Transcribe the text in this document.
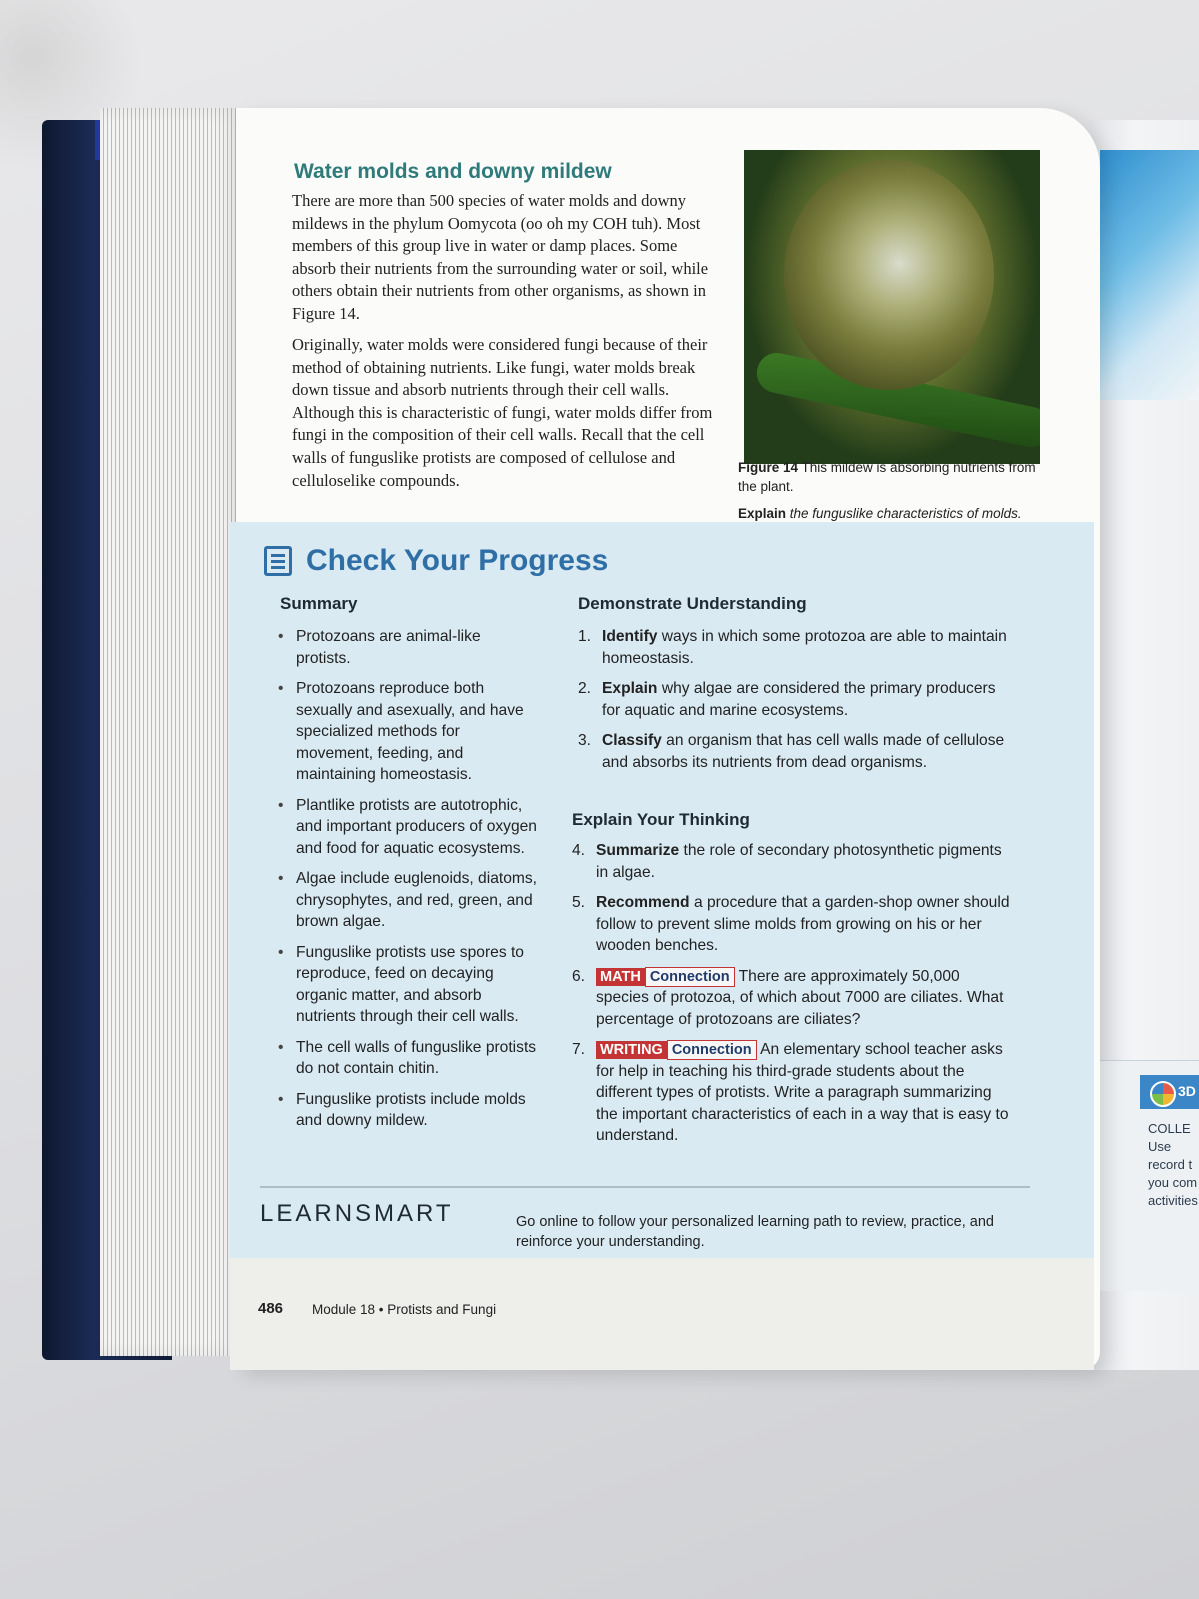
3D
COLLE
Use
record t
you com
activities
Water molds and downy mildew

There are more than 500 species of water molds and downy mildews in the phylum Oomycota (oo oh my COH tuh). Most members of this group live in water or damp places. Some absorb their nutrients from the surrounding water or soil, while others obtain their nutrients from other organisms, as shown in Figure 14.

Originally, water molds were considered fungi because of their method of obtaining nutrients. Like fungi, water molds break down tissue and absorb nutrients through their cell walls. Although this is characteristic of fungi, water molds differ from fungi in the composition of their cell walls. Recall that the cell walls of funguslike protists are composed of cellulose and celluloselike compounds.

Figure 14 This mildew is absorbing nutrients from the plant.
Explain the funguslike characteristics of molds.

Check Your Progress
Summary
• Protozoans are animal-like protists.
• Protozoans reproduce both sexually and asexually, and have specialized methods for movement, feeding, and maintaining homeostasis.
• Plantlike protists are autotrophic, and important producers of oxygen and food for aquatic ecosystems.
• Algae include euglenoids, diatoms, chrysophytes, and red, green, and brown algae.
• Funguslike protists use spores to reproduce, feed on decaying organic matter, and absorb nutrients through their cell walls.
• The cell walls of funguslike protists do not contain chitin.
• Funguslike protists include molds and downy mildew.
Demonstrate Understanding
1. Identify ways in which some protozoa are able to maintain homeostasis.
2. Explain why algae are considered the primary producers for aquatic and marine ecosystems.
3. Classify an organism that has cell walls made of cellulose and absorbs its nutrients from dead organisms.
Explain Your Thinking
4. Summarize the role of secondary photosynthetic pigments in algae.
5. Recommend a procedure that a garden-shop owner should follow to prevent slime molds from growing on his or her wooden benches.
6. MATH Connection There are approximately 50,000 species of protozoa, of which about 7000 are ciliates. What percentage of protozoans are ciliates?
7. WRITING Connection An elementary school teacher asks for help in teaching his third-grade students about the different types of protists. Write a paragraph summarizing the important characteristics of each in a way that is easy to understand.
LEARNSMART	Go online to follow your personalized learning path to review, practice, and reinforce your understanding.

486 Module 18 • Protists and Fungi
